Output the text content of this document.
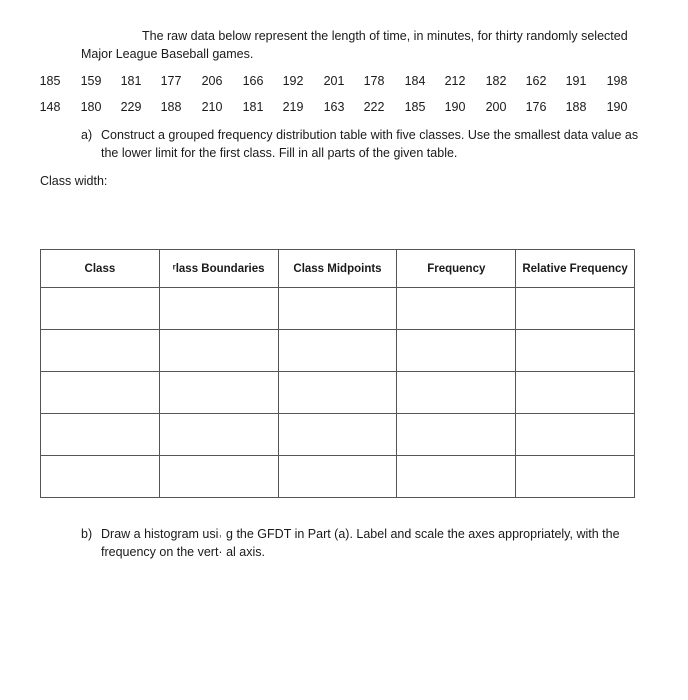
The raw data below represent the length of time, in minutes, for thirty randomly selected
Major League Baseball games.
185 159 181 177 206 166 192 201 178 184 212 182 162 191 198
148 180 229 188 210 181 219 163 222 185 190 200 176 188 190
a) Construct a grouped frequency distribution table with five classes. Use the smallest data value as
the lower limit for the first class. Fill in all parts of the given table.
Class width:
Class	ʳlass Boundaries	Class Midpoints	Frequency	Relative Frequency

b) Draw a histogram usi˒ g the GFDT in Part (a). Label and scale the axes appropriately, with the
frequency on the vert· al axis.
